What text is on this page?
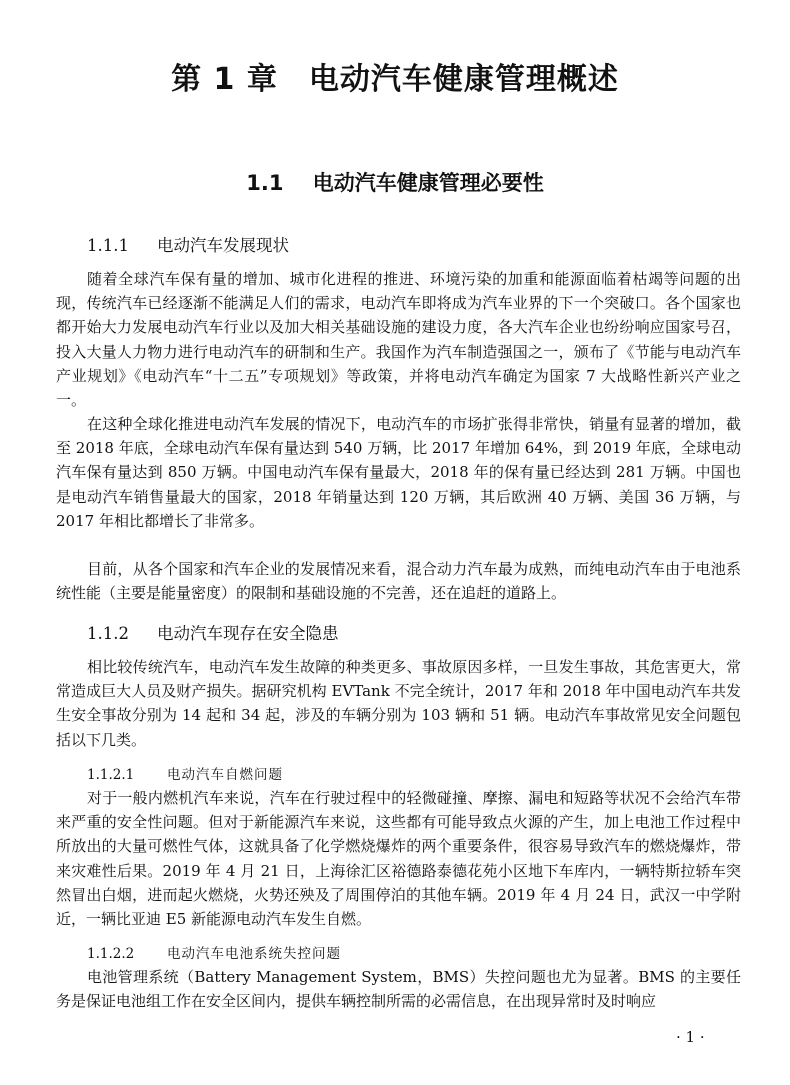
第 1 章　电动汽车健康管理概述
1.1 电动汽车健康管理必要性
1.1.1 电动汽车发展现状

随着全球汽车保有量的增加、城市化进程的推进、环境污染的加重和能源面临着枯竭等问题的出现，传统汽车已经逐渐不能满足人们的需求，电动汽车即将成为汽车业界的下一个突破口。各个国家也都开始大力发展电动汽车行业以及加大相关基础设施的建设力度，各大汽车企业也纷纷响应国家号召，投入大量人力物力进行电动汽车的研制和生产。我国作为汽车制造强国之一，颁布了《节能与电动汽车产业规划》《电动汽车“十二五”专项规划》等政策，并将电动汽车确定为国家 7 大战略性新兴产业之一。

在这种全球化推进电动汽车发展的情况下，电动汽车的市场扩张得非常快，销量有显著的增加，截至 2018 年底，全球电动汽车保有量达到 540 万辆，比 2017 年增加 64%，到 2019 年底，全球电动汽车保有量达到 850 万辆。中国电动汽车保有量最大，2018 年的保有量已经达到 281 万辆。中国也是电动汽车销售量最大的国家，2018 年销量达到 120 万辆，其后欧洲 40 万辆、美国 36 万辆，与 2017 年相比都增长了非常多。

目前，从各个国家和汽车企业的发展情况来看，混合动力汽车最为成熟，而纯电动汽车由于电池系统性能（主要是能量密度）的限制和基础设施的不完善，还在追赶的道路上。

1.1.2 电动汽车现存在安全隐患

相比较传统汽车，电动汽车发生故障的种类更多、事故原因多样，一旦发生事故，其危害更大，常常造成巨大人员及财产损失。据研究机构 EVTank 不完全统计，2017 年和 2018 年中国电动汽车共发生安全事故分别为 14 起和 34 起，涉及的车辆分别为 103 辆和 51 辆。电动汽车事故常见安全问题包括以下几类。

1.1.2.1 电动汽车自燃问题

对于一般内燃机汽车来说，汽车在行驶过程中的轻微碰撞、摩擦、漏电和短路等状况不会给汽车带来严重的安全性问题。但对于新能源汽车来说，这些都有可能导致点火源的产生，加上电池工作过程中所放出的大量可燃性气体，这就具备了化学燃烧爆炸的两个重要条件，很容易导致汽车的燃烧爆炸，带来灾难性后果。2019 年 4 月 21 日，上海徐汇区裕德路泰德花苑小区地下车库内，一辆特斯拉轿车突然冒出白烟，进而起火燃烧，火势还殃及了周围停泊的其他车辆。2019 年 4 月 24 日，武汉一中学附近，一辆比亚迪 E5 新能源电动汽车发生自燃。

1.1.2.2 电动汽车电池系统失控问题

电池管理系统（Battery Management System，BMS）失控问题也尤为显著。BMS 的主要任务是保证电池组工作在安全区间内，提供车辆控制所需的必需信息，在出现异常时及时响应

· 1 ·
